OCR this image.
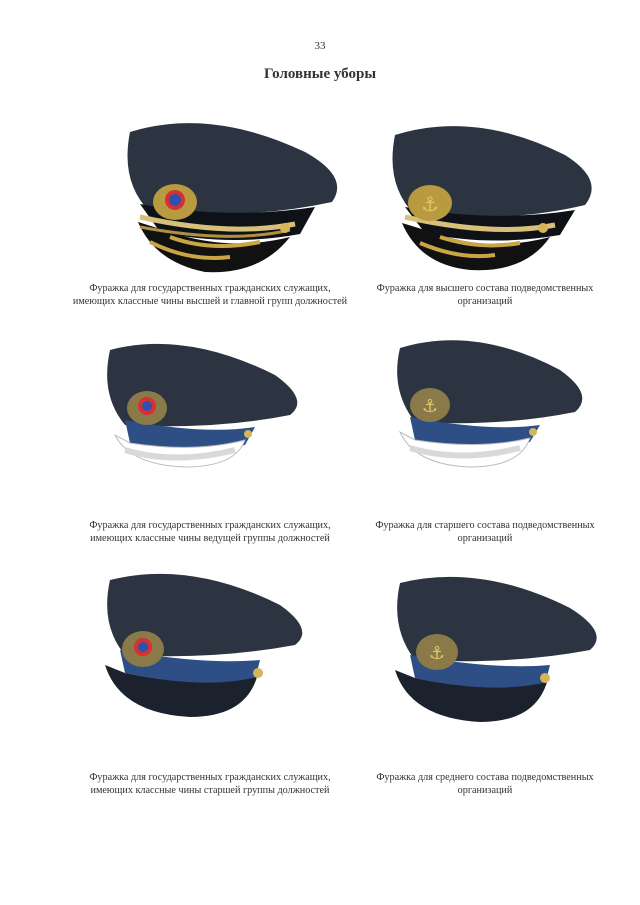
33
Головные уборы
Фуражка для государственных гражданских служащих, имеющих классные чины высшей и главной групп должностей
⚓
Фуражка для высшего состава подведомственных организаций
Фуражка для государственных гражданских служащих, имеющих классные чины ведущей группы должностей
⚓
Фуражка для старшего состава подведомственных организаций
Фуражка для государственных гражданских служащих, имеющих классные чины старшей группы должностей
⚓
Фуражка для среднего состава подведомственных организаций
